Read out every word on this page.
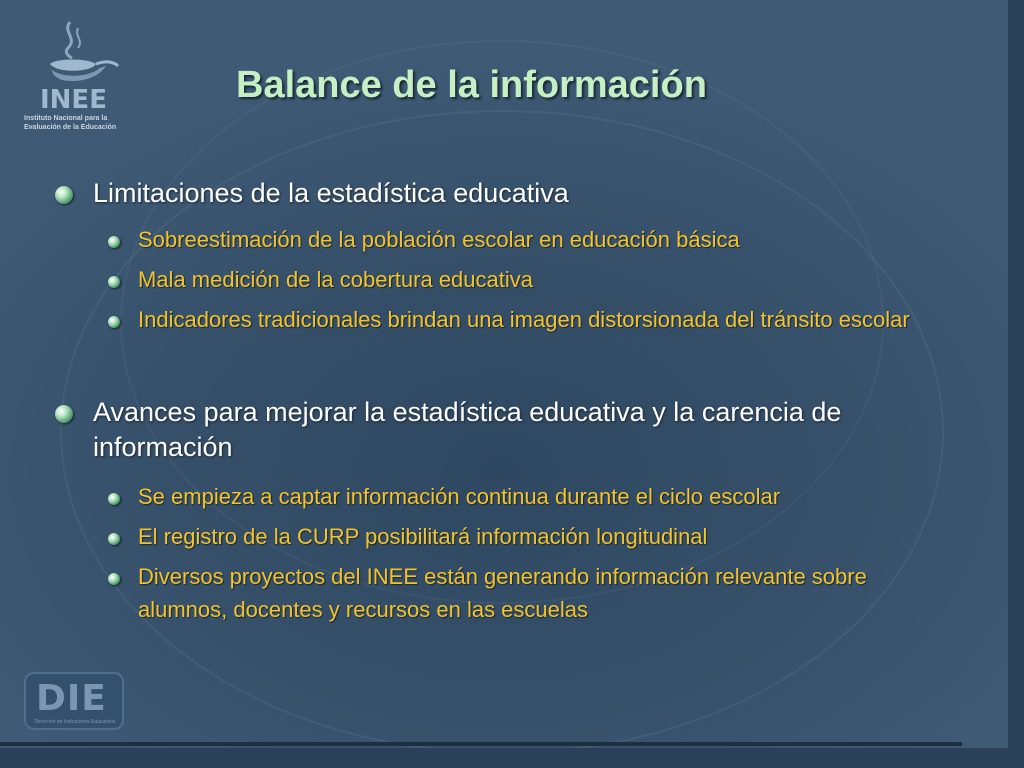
INEE
Instituto Nacional para la
Evaluación de la Educación
Balance de la información
Limitaciones de la estadística educativa
Sobreestimación de la población escolar en educación básica
Mala medición de la cobertura educativa
Indicadores tradicionales brindan una imagen distorsionada del tránsito escolar
Avances para mejorar la estadística educativa y la carencia de información
Se empieza a captar información continua durante el ciclo escolar
El registro de la CURP posibilitará información longitudinal
Diversos proyectos del INEE están generando información relevante sobre alumnos, docentes y recursos en las escuelas
DIE
Dirección de Indicadores Educativos
